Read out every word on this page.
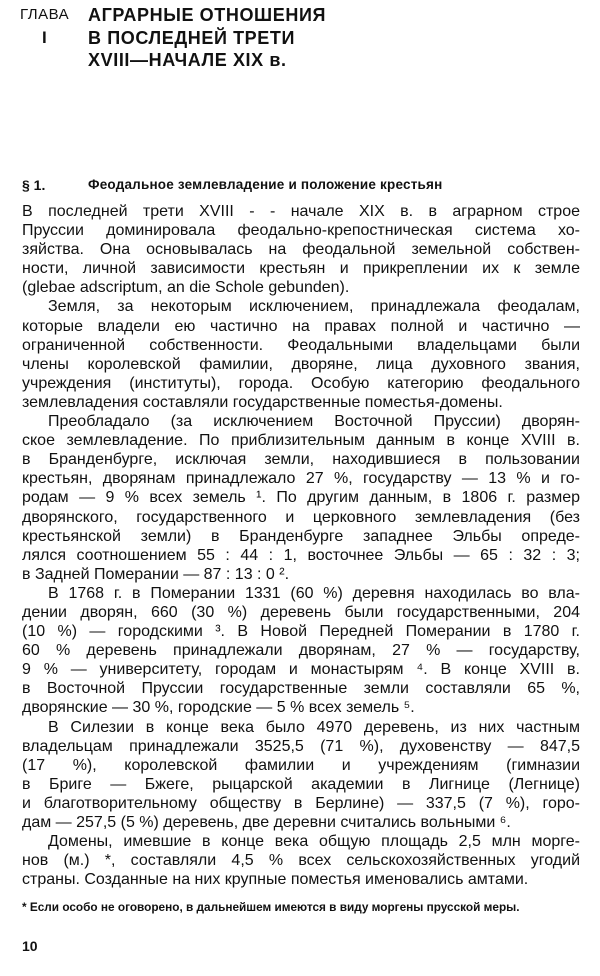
ГЛАВА
I
АГРАРНЫЕ ОТНОШЕНИЯ
В ПОСЛЕДНЕЙ ТРЕТИ
XVIII—НАЧАЛЕ XIX в.
§ 1.	Феодальное землевладение и положение крестьян
В последней трети XVIII - - начале XIX в. в аграрном строе
Пруссии доминировала феодально-крепостническая система хо-
зяйства. Она основывалась на феодальной земельной собствен-
ности, личной зависимости крестьян и прикреплении их к земле
(glebae adscriptum, an die Schole gebunden).
Земля, за некоторым исключением, принадлежала феодалам,
которые владели ею частично на правах полной и частично —
ограниченной собственности. Феодальными владельцами были
члены королевской фамилии, дворяне, лица духовного звания,
учреждения (институты), города. Особую категорию феодального
землевладения составляли государственные поместья-домены.
Преобладало (за исключением Восточной Пруссии) дворян-
ское землевладение. По приблизительным данным в конце XVIII в.
в Бранденбурге, исключая земли, находившиеся в пользовании
крестьян, дворянам принадлежало 27 %, государству — 13 % и го-
родам — 9 % всех земель ¹. По другим данным, в 1806 г. размер
дворянского, государственного и церковного землевладения (без
крестьянской земли) в Бранденбурге западнее Эльбы опреде-
лялся соотношением 55 : 44 : 1, восточнее Эльбы — 65 : 32 : 3;
в Задней Померании — 87 : 13 : 0 ².
В 1768 г. в Померании 1331 (60 %) деревня находилась во вла-
дении дворян, 660 (30 %) деревень были государственными, 204
(10 %) — городскими ³. В Новой Передней Померании в 1780 г.
60 % деревень принадлежали дворянам, 27 % — государству,
9 % — университету, городам и монастырям ⁴. В конце XVIII в.
в Восточной Пруссии государственные земли составляли 65 %,
дворянские — 30 %, городские — 5 % всех земель ⁵.
В Силезии в конце века было 4970 деревень, из них частным
владельцам принадлежали 3525,5 (71 %), духовенству — 847,5
(17 %), королевской фамилии и учреждениям (гимназии
в Бриге — Бжеге, рыцарской академии в Лигнице (Легнице)
и благотворительному обществу в Берлине) — 337,5 (7 %), горо-
дам — 257,5 (5 %) деревень, две деревни считались вольными ⁶.
Домены, имевшие в конце века общую площадь 2,5 млн морге-
нов (м.) *, составляли 4,5 % всех сельскохозяйственных угодий
страны. Созданные на них крупные поместья именовались амтами.
* Если особо не оговорено, в дальнейшем имеются в виду моргены прусской меры.
10
